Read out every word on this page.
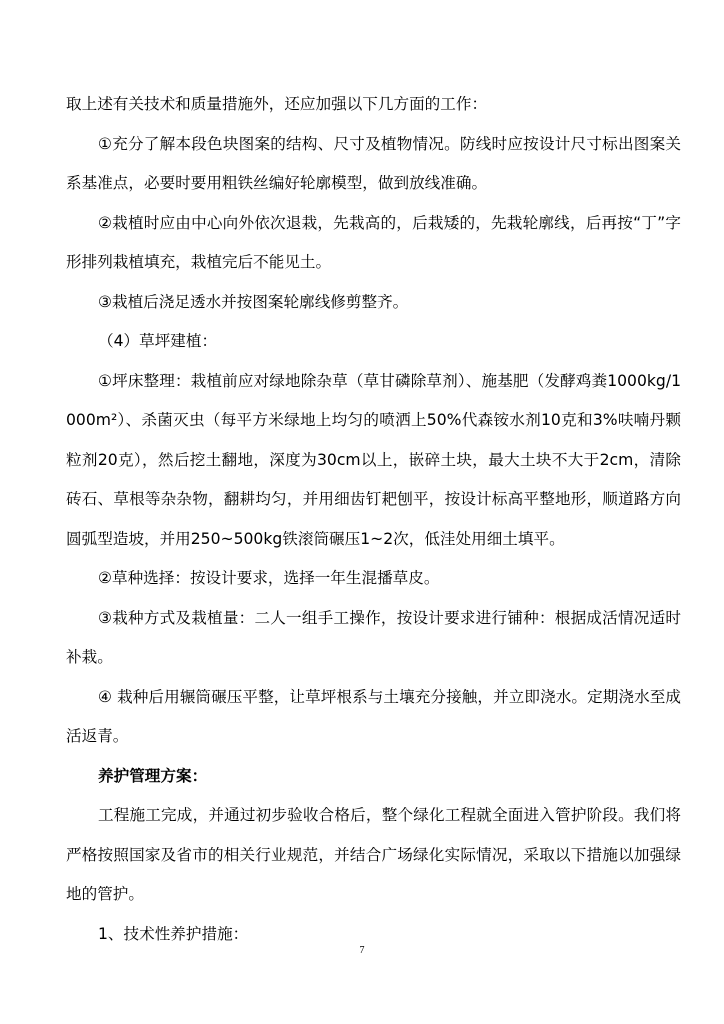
取上述有关技术和质量措施外，还应加强以下几方面的工作：

①充分了解本段色块图案的结构、尺寸及植物情况。防线时应按设计尺寸标出图案关系基准点，必要时要用粗铁丝编好轮廓模型，做到放线准确。

②栽植时应由中心向外依次退栽，先栽高的，后栽矮的，先栽轮廓线，后再按“丁”字形排列栽植填充，栽植完后不能见土。

③栽植后浇足透水并按图案轮廓线修剪整齐。

（4）草坪建植：

①坪床整理：栽植前应对绿地除杂草（草甘磷除草剂）、施基肥（发酵鸡粪1000kg/1000m²）、杀菌灭虫（每平方米绿地上均匀的喷洒上50%代森铵水剂10克和3%呋喃丹颗粒剂20克），然后挖土翻地，深度为30cm以上，嵌碎土块，最大土块不大于2cm，清除砖石、草根等杂杂物，翻耕均匀，并用细齿钉耙刨平，按设计标高平整地形，顺道路方向圆弧型造坡，并用250~500kg铁滚筒碾压1~2次，低洼处用细土填平。

②草种选择：按设计要求，选择一年生混播草皮。

③栽种方式及栽植量：二人一组手工操作，按设计要求进行铺种：根据成活情况适时补栽。

④ 栽种后用辗筒碾压平整，让草坪根系与土壤充分接触，并立即浇水。定期浇水至成活返青。

养护管理方案：

工程施工完成，并通过初步验收合格后，整个绿化工程就全面进入管护阶段。我们将严格按照国家及省市的相关行业规范，并结合广场绿化实际情况，采取以下措施以加强绿地的管护。

1、技术性养护措施：

7
